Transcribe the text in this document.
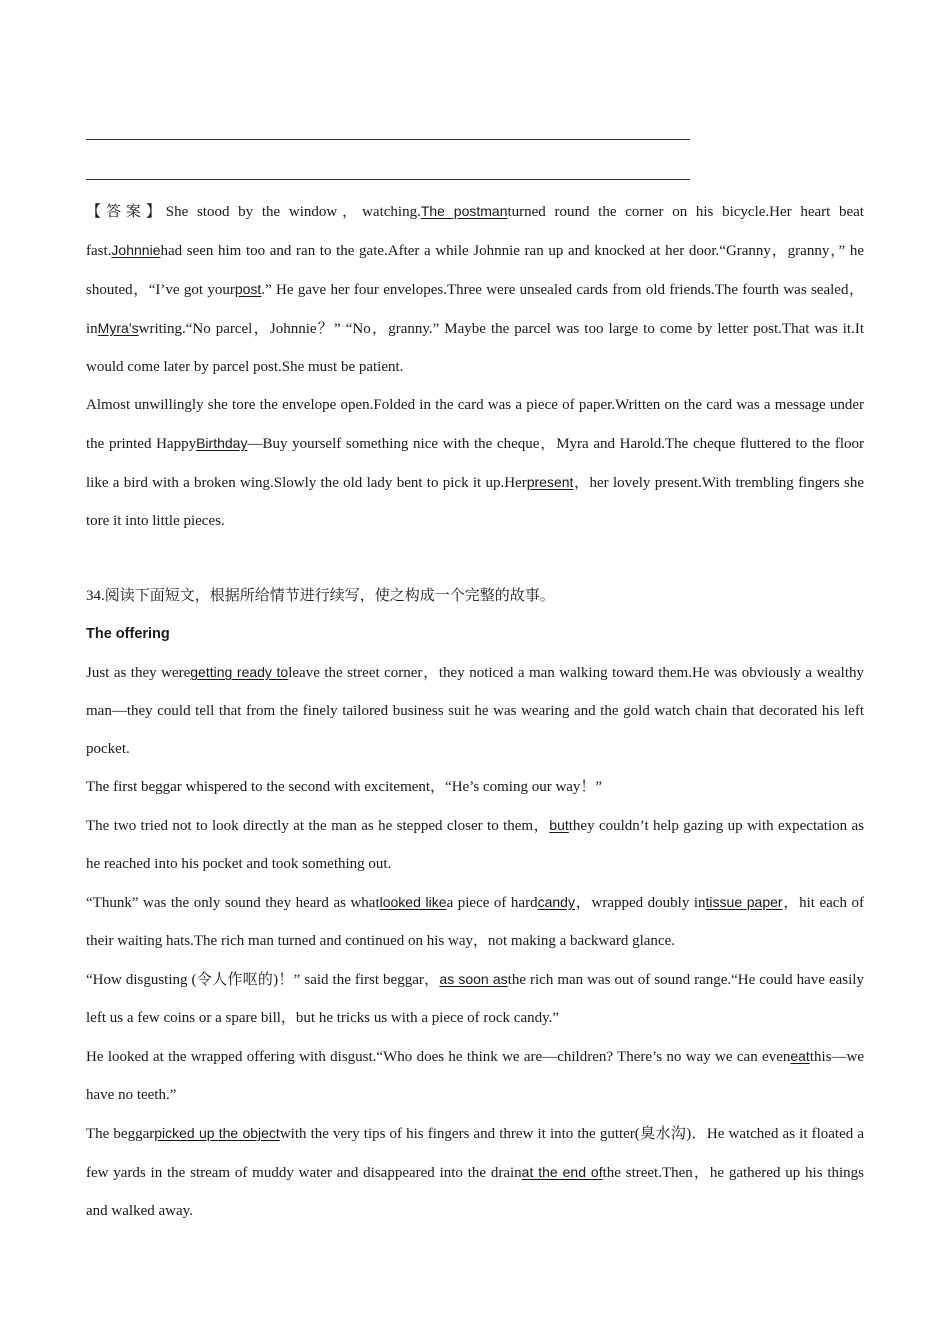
【答案】She stood by the window，watching.The postmanturned round the corner on his bicycle.Her heart beat fast.Johnniehad seen him too and ran to the gate.After a while Johnnie ran up and knocked at her door.“Granny，granny，” he shouted，“I’ve got yourpost.” He gave her four envelopes.Three were unsealed cards from old friends.The fourth was sealed，inMyra’swriting.“No parcel，Johnnie？” “No，granny.” Maybe the parcel was too large to come by letter post.That was it.It would come later by parcel post.She must be patient.

Almost unwillingly she tore the envelope open.Folded in the card was a piece of paper.Written on the card was a message under the printed HappyBirthday—Buy yourself something nice with the cheque，Myra and Harold.The cheque fluttered to the floor like a bird with a broken wing.Slowly the old lady bent to pick it up.Herpresent，her lovely present.With trembling fingers she tore it into little pieces.

34.阅读下面短文，根据所给情节进行续写，使之构成一个完整的故事。

The offering

Just as they weregetting ready toleave the street corner，they noticed a man walking toward them.He was obviously a wealthy man—they could tell that from the finely tailored business suit he was wearing and the gold watch chain that decorated his left pocket.

The first beggar whispered to the second with excitement，“He’s coming our way！”

The two tried not to look directly at the man as he stepped closer to them，butthey couldn’t help gazing up with expectation as he reached into his pocket and took something out.

“Thunk” was the only sound they heard as whatlooked likea piece of hardcandy，wrapped doubly intissue paper，hit each of their waiting hats.The rich man turned and continued on his way，not making a backward glance.

“How disgusting (令人作呕的)！” said the first beggar，as soon asthe rich man was out of sound range.“He could have easily left us a few coins or a spare bill，but he tricks us with a piece of rock candy.”

He looked at the wrapped offering with disgust.“Who does he think we are—children? There’s no way we can eveneatthis—we have no teeth.”

The beggarpicked up the objectwith the very tips of his fingers and threw it into the gutter(臭水沟)．He watched as it floated a few yards in the stream of muddy water and disappeared into the drainat the end ofthe street.Then，he gathered up his things and walked away.
